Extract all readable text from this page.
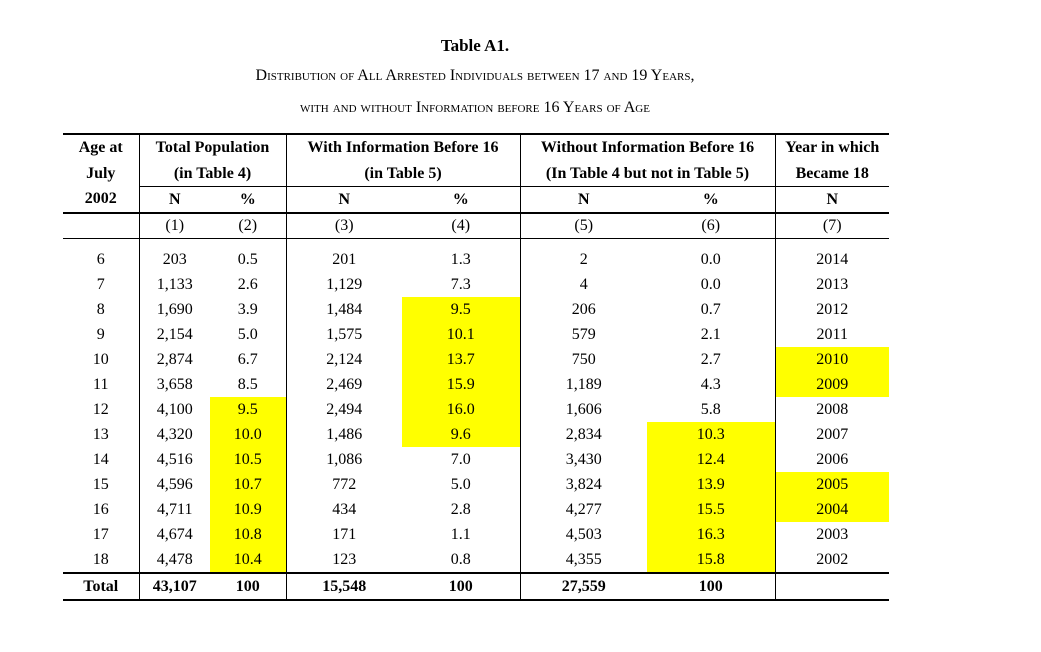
Table A1.
Distribution of All Arrested Individuals between 17 and 19 Years,
with and without Information before 16 Years of Age
Age at	Total Population		With Information Before 16		Without Information Before 16		Year in which
July	(in Table 4)		(in Table 5)		(In Table 4 but not in Table 5)		Became 18
2002	N	%	N	%	N	%	N
	(1)	(2)	(3)	(4)	(5)	(6)	(7)

6	203	0.5	201	1.3	2	0.0	2014
7	1,133	2.6	1,129	7.3	4	0.0	2013
8	1,690	3.9	1,484	9.5	206	0.7	2012
9	2,154	5.0	1,575	10.1	579	2.1	2011
10	2,874	6.7	2,124	13.7	750	2.7	2010
11	3,658	8.5	2,469	15.9	1,189	4.3	2009
12	4,100	9.5	2,494	16.0	1,606	5.8	2008
13	4,320	10.0	1,486	9.6	2,834	10.3	2007
14	4,516	10.5	1,086	7.0	3,430	12.4	2006
15	4,596	10.7	772	5.0	3,824	13.9	2005
16	4,711	10.9	434	2.8	4,277	15.5	2004
17	4,674	10.8	171	1.1	4,503	16.3	2003
18	4,478	10.4	123	0.8	4,355	15.8	2002
Total	43,107	100	15,548	100	27,559	100	
